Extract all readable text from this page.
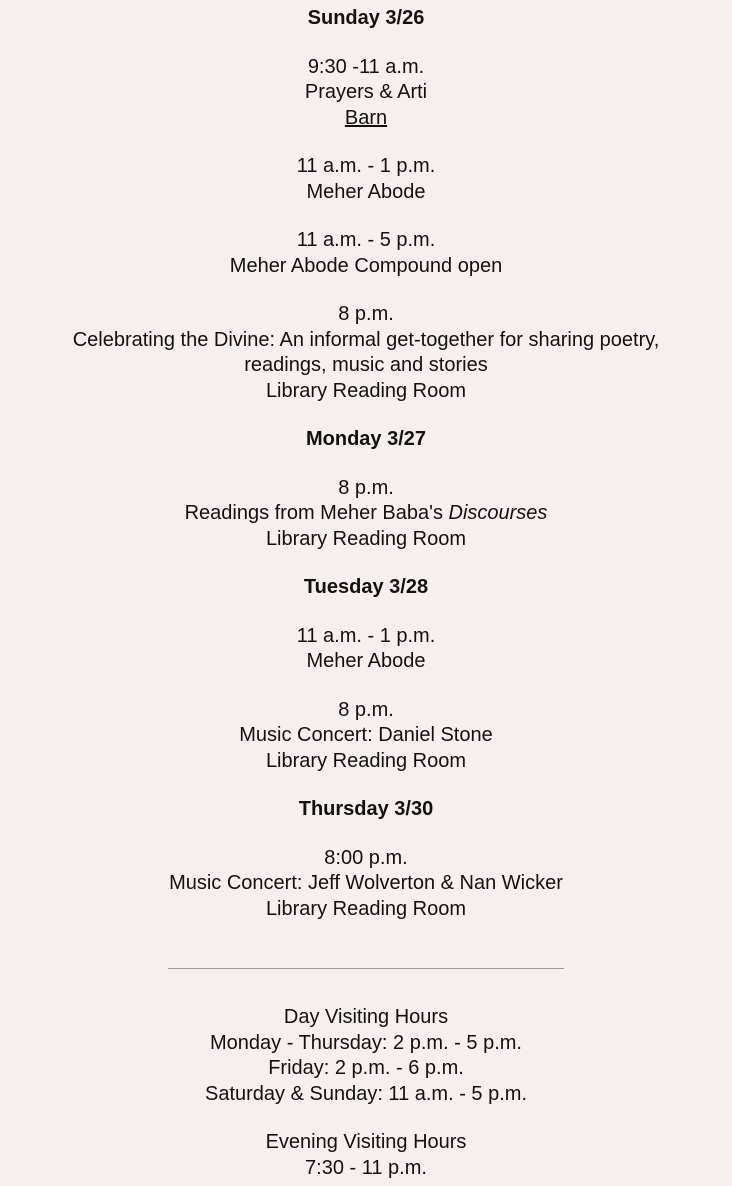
Sunday 3/26
9:30 -11 a.m.
Prayers & Arti
Barn
11 a.m. - 1 p.m.
Meher Abode
11 a.m. - 5 p.m.
Meher Abode Compound open
8 p.m.
Celebrating the Divine: An informal get-together for sharing poetry, readings, music and stories
Library Reading Room
Monday 3/27
8 p.m.
Readings from Meher Baba's Discourses
Library Reading Room
Tuesday 3/28
11 a.m. - 1 p.m.
Meher Abode
8 p.m.
Music Concert: Daniel Stone
Library Reading Room
Thursday 3/30
8:00 p.m.
Music Concert: Jeff Wolverton & Nan Wicker
Library Reading Room
Day Visiting Hours
Monday - Thursday: 2 p.m. - 5 p.m.
Friday: 2 p.m. - 6 p.m.
Saturday & Sunday: 11 a.m. - 5 p.m.
Evening Visiting Hours
7:30 - 11 p.m.
